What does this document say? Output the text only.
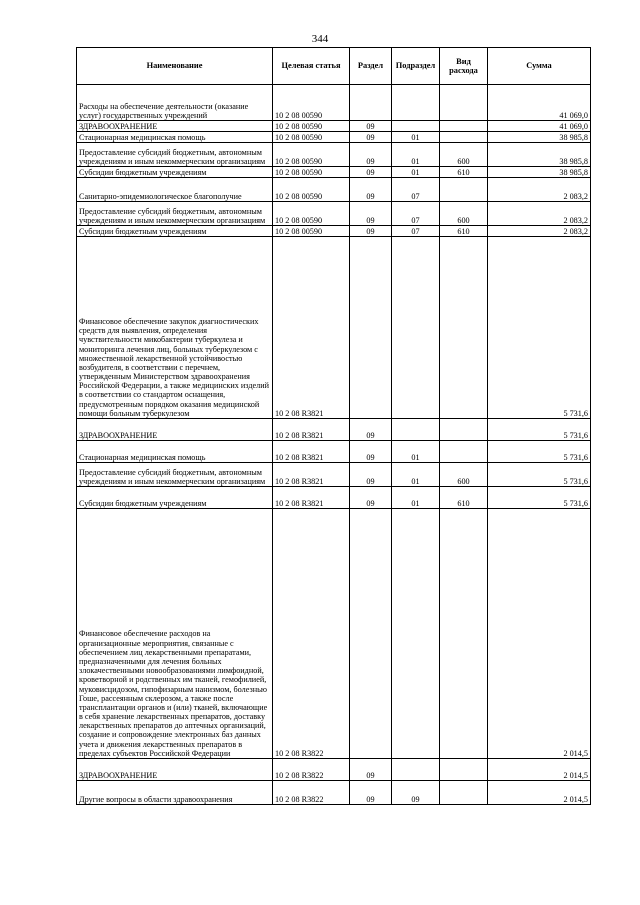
344
Наименование	Целевая статья	Раздел	Подраздел	Вид расхода	Сумма
Расходы на обеспечение деятельности (оказание услуг) государственных учреждений	10 2 08 00590				41 069,0
ЗДРАВООХРАНЕНИЕ	10 2 08 00590	09			41 069,0
Стационарная медицинская помощь	10 2 08 00590	09	01		38 985,8
Предоставление субсидий бюджетным, автономным учреждениям и иным некоммерческим организациям	10 2 08 00590	09	01	600	38 985,8
Субсидии бюджетным учреждениям	10 2 08 00590	09	01	610	38 985,8
Санитарно-эпидемиологическое благополучие	10 2 08 00590	09	07		2 083,2
Предоставление субсидий бюджетным, автономным учреждениям и иным некоммерческим организациям	10 2 08 00590	09	07	600	2 083,2
Субсидии бюджетным учреждениям	10 2 08 00590	09	07	610	2 083,2
Финансовое обеспечение закупок диагностических средств для выявления, определения чувствительности микобактерии туберкулеза и мониторинга лечения лиц, больных туберкулезом с множественной лекарственной устойчивостью возбудителя, в соответствии с перечнем, утвержденным Министерством здравоохранения Российской Федерации, а также медицинских изделий в соответствии со стандартом оснащения, предусмотренным порядком оказания медицинской помощи больным туберкулезом	10 2 08 R3821				5 731,6
ЗДРАВООХРАНЕНИЕ	10 2 08 R3821	09			5 731,6
Стационарная медицинская помощь	10 2 08 R3821	09	01		5 731,6
Предоставление субсидий бюджетным, автономным учреждениям и иным некоммерческим организациям	10 2 08 R3821	09	01	600	5 731,6
Субсидии бюджетным учреждениям	10 2 08 R3821	09	01	610	5 731,6
Финансовое обеспечение расходов на организационные мероприятия, связанные с обеспечением лиц лекарственными препаратами, предназначенными для лечения больных злокачественными новообразованиями лимфоидной, кроветворной и родственных им тканей, гемофилией, муковисцидозом, гипофизарным нанизмом, болезнью Гоше, рассеянным склерозом, а также после трансплантации органов и (или) тканей, включающие в себя хранение лекарственных препаратов, доставку лекарственных препаратов до аптечных организаций, создание и сопровождение электронных баз данных учета и движения лекарственных препаратов в пределах субъектов Российской Федерации	10 2 08 R3822				2 014,5
ЗДРАВООХРАНЕНИЕ	10 2 08 R3822	09			2 014,5
Другие вопросы в области здравоохранения	10 2 08 R3822	09	09		2 014,5
